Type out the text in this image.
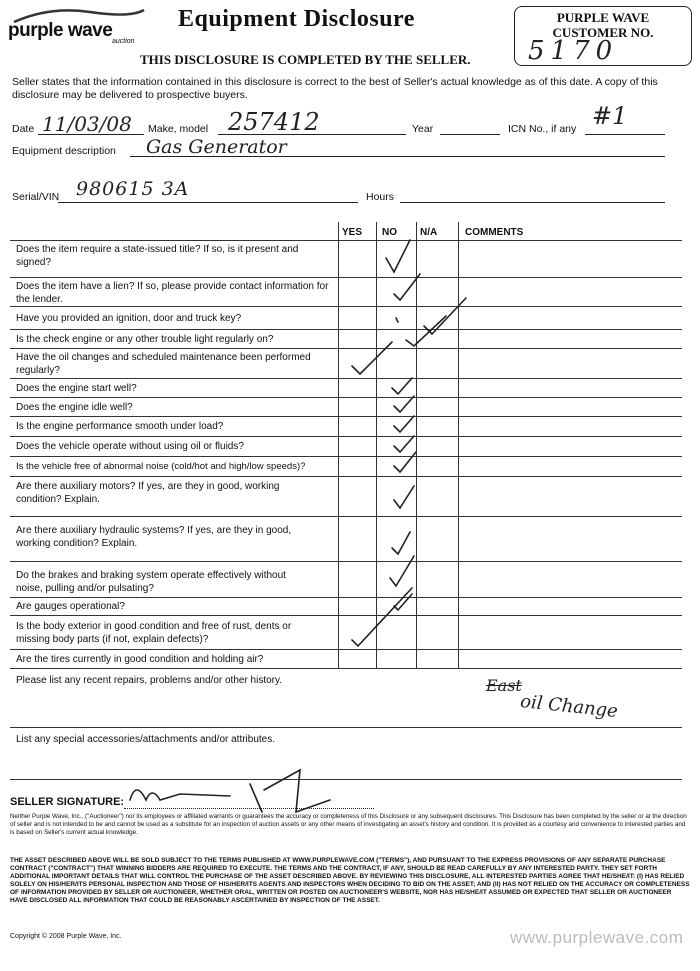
purple wave
auction
Equipment Disclosure	PURPLE WAVE
CUSTOMER NO.
5170
THIS DISCLOSURE IS COMPLETED BY THE SELLER.
Seller states that the information contained in this disclosure is correct to the best of Seller's actual knowledge as of this date. A copy of this disclosure may be delivered to prospective buyers.
Date 11/03/08 Make, model 257412	Year	ICN No., if any #1
Equipment description Gas Generator
Serial/VIN 980615 3A	Hours
YES NO N/A	COMMENTS
Does the item require a state-issued title? If so, is it present and signed?
Does the item have a lien? If so, please provide contact information for the lender.
Have you provided an ignition, door and truck key?
Is the check engine or any other trouble light regularly on?
Have the oil changes and scheduled maintenance been performed regularly?
Does the engine start well?
Does the engine idle well?
Is the engine performance smooth under load?
Does the vehicle operate without using oil or fluids?
Is the vehicle free of abnormal noise (cold/hot and high/low speeds)?
Are there auxiliary motors? If yes, are they in good, working condition? Explain.
Are there auxiliary hydraulic systems? If yes, are they in good, working condition? Explain.
Do the brakes and braking system operate effectively without noise, pulling and/or pulsating?
Are gauges operational?
Is the body exterior in good condition and free of rust, dents or missing body parts (if not, explain defects)?
Are the tires currently in good condition and holding air?
Please list any recent repairs, problems and/or other history.	East
oil Change
List any special accessories/attachments and/or attributes.
SELLER SIGNATURE:
Neither Purple Wave, Inc., ("Auctioneer") nor its employees or affiliated warrants or guarantees the accuracy or completeness of this Disclosure or any subsequent disclosures. This Disclosure has been completed by the seller or at the direction of seller and is not intended to be and cannot be used as a substitute for an inspection of auction assets or any other means of investigating an asset's history and condition. It is provided as a courtesy and convenience to interested parties and is based on Seller's current actual knowledge.
THE ASSET DESCRIBED ABOVE WILL BE SOLD SUBJECT TO THE TERMS PUBLISHED AT WWW.PURPLEWAVE.COM ("TERMS"), AND PURSUANT TO THE EXPRESS PROVISIONS OF ANY SEPARATE PURCHASE CONTRACT ("CONTRACT") THAT WINNING BIDDERS ARE REQUIRED TO EXECUTE. THE TERMS AND THE CONTRACT, IF ANY, SHOULD BE READ CAREFULLY BY ANY INTERESTED PARTY. THEY SET FORTH ADDITIONAL IMPORTANT DETAILS THAT WILL CONTROL THE PURCHASE OF THE ASSET DESCRIBED ABOVE. BY REVIEWING THIS DISCLOSURE, ALL INTERESTED PARTIES AGREE THAT HE/SHE/IT: (I) HAS RELIED SOLELY ON HIS/HER/ITS PERSONAL INSPECTION AND THOSE OF HIS/HER/ITS AGENTS AND INSPECTORS WHEN DECIDING TO BID ON THE ASSET; AND (II) HAS NOT RELIED ON THE ACCURACY OR COMPLETENESS OF INFORMATION PROVIDED BY SELLER OR AUCTIONEER, WHETHER ORAL, WRITTEN OR POSTED ON AUCTIONEER'S WEBSITE, NOR HAS HE/SHE/IT ASSUMED OR EXPECTED THAT SELLER OR AUCTIONEER HAVE DISCLOSED ALL INFORMATION THAT COULD BE REASONABLY ASCERTAINED BY INSPECTION OF THE ASSET.
Copyright © 2008 Purple Wave, Inc.	www.purplewave.com
